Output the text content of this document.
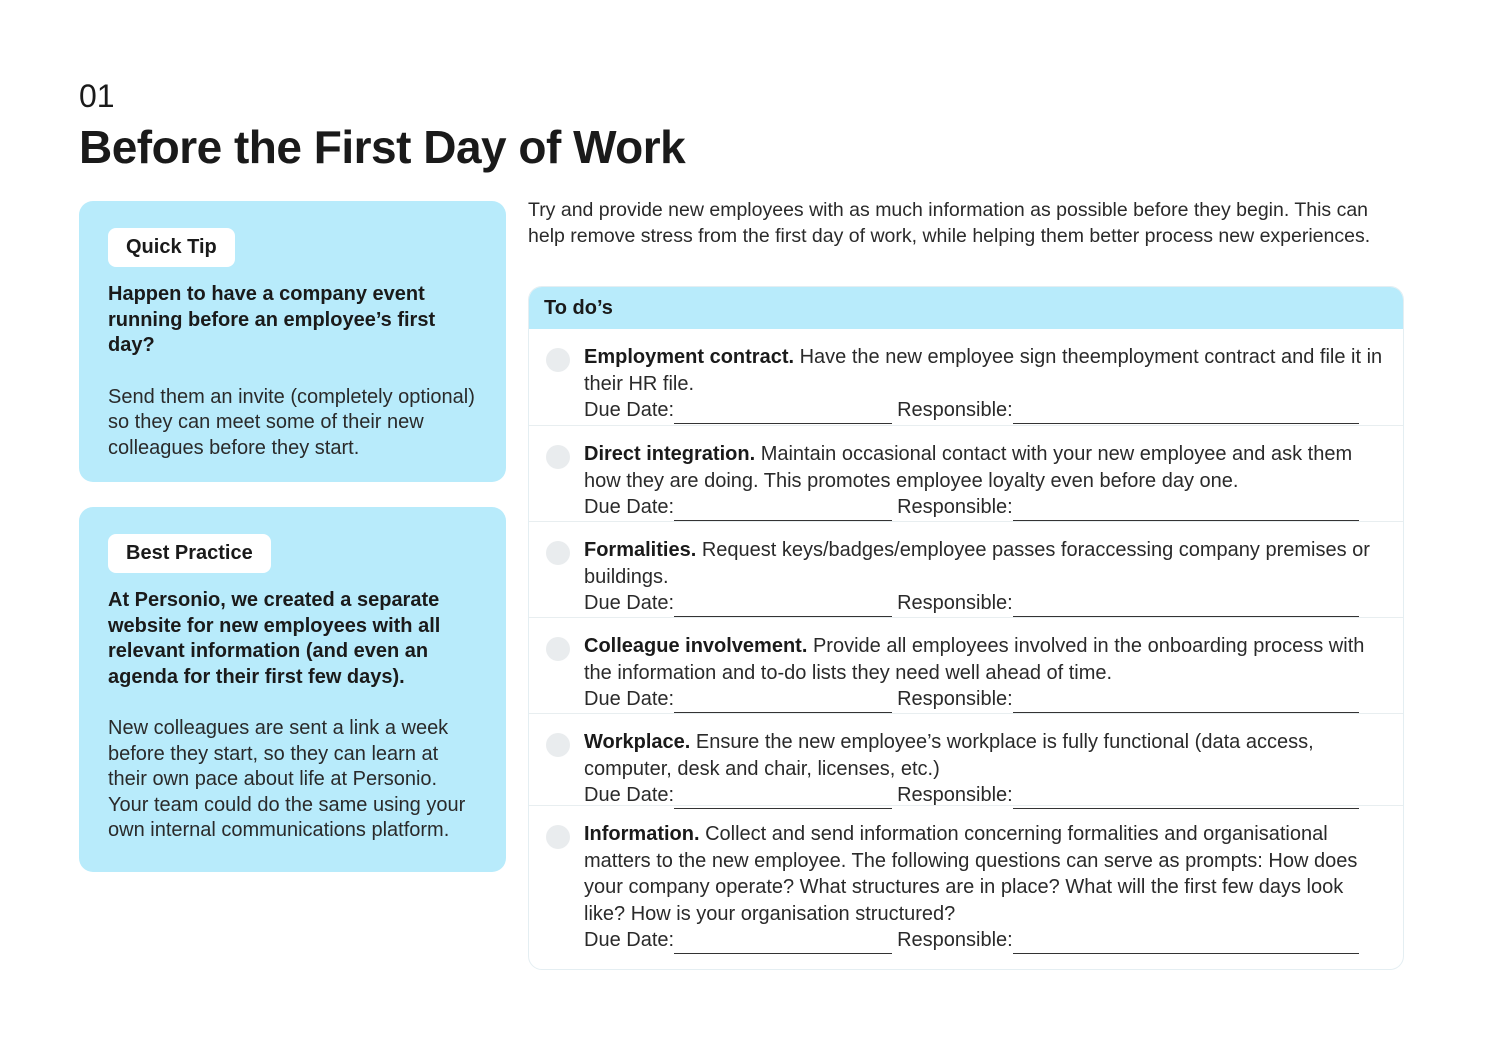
01
Before the First Day of Work
Quick Tip
Happen to have a company event running before an employee’s first day?
Send them an invite (completely optional) so they can meet some of their new colleagues before they start.
Best Practice
At Personio, we created a separate website for new employees with all relevant information (and even an agenda for their first few days).
New colleagues are sent a link a week before they start, so they can learn at their own pace about life at Personio. Your team could do the same using your own internal communications platform.

Try and provide new employees with as much information as possible before they begin. This can help remove stress from the first day of work, while helping them better process new experiences.

To do’s
Employment contract. Have the new employee sign theemployment contract and file it in their HR file.
Due Date:	Responsible:
Direct integration. Maintain occasional contact with your new employee and ask them how they are doing. This promotes employee loyalty even before day one.
Due Date:	Responsible:
Formalities. Request keys/badges/employee passes foraccessing company premises or buildings.
Due Date:	Responsible:
Colleague involvement. Provide all employees involved in the onboarding process with the information and to-do lists they need well ahead of time.
Due Date:	Responsible:
Workplace. Ensure the new employee’s workplace is fully functional (data access, computer, desk and chair, licenses, etc.)
Due Date:	Responsible:
Information. Collect and send information concerning formalities and organisational matters to the new employee. The following questions can serve as prompts: How does your company operate? What structures are in place? What will the first few days look like? How is your organisation structured?
Due Date:	Responsible:
